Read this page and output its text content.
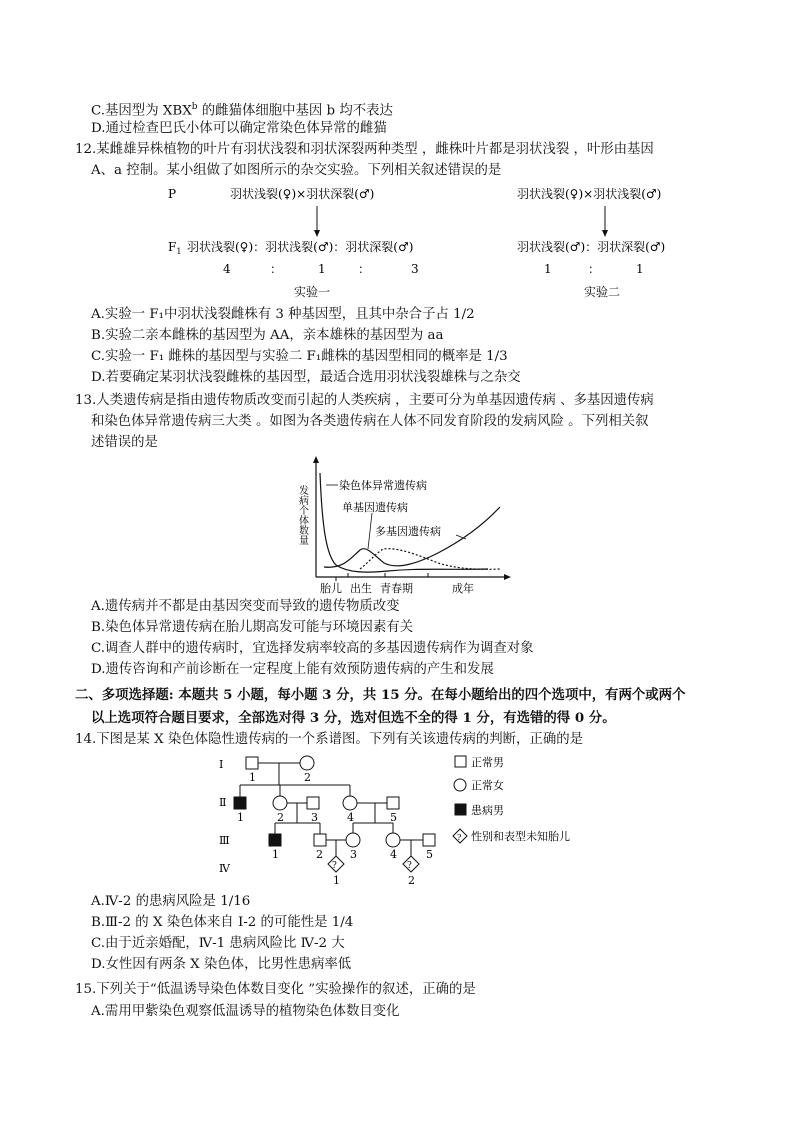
C.基因型为 XBX$^b$ 的雌猫体细胞中基因 b 均不表达
D.通过检查巴氏小体可以确定常染色体异常的雌猫
12.某雌雄异株植物的叶片有羽状浅裂和羽状深裂两种类型 ，雌株叶片都是羽状浅裂 ，叶形由基因
A、a 控制。某小组做了如图所示的杂交实验。下列相关叙述错误的是
P	羽状浅裂(♀)×羽状深裂(♂)	羽状浅裂(♀)×羽状浅裂(♂)
$F_1$ 羽状浅裂(♀)：羽状浅裂(♂)：羽状深裂(♂)	羽状浅裂(♂)：羽状深裂(♂)
4	：	1	：	3	1	：	1
实验一	实验二
A.实验一 F₁中羽状浅裂雌株有 3 种基因型，且其中杂合子占 1/2
B.实验二亲本雌株的基因型为 AA，亲本雄株的基因型为 aa
C.实验一 F₁ 雌株的基因型与实验二 F₁雌株的基因型相同的概率是 1/3
D.若要确定某羽状浅裂雌株的基因型，最适合选用羽状浅裂雄株与之杂交
13.人类遗传病是指由遗传物质改变而引起的人类疾病 ，主要可分为单基因遗传病 、多基因遗传病
和染色体异常遗传病三大类 。如图为各类遗传病在人体不同发育阶段的发病风险 。下列相关叙
述错误的是
发病个体数量	染色体异常遗传病
单基因遗传病
多基因遗传病
胎儿 出生 青春期	成年
A.遗传病并不都是由基因突变而导致的遗传物质改变
B.染色体异常遗传病在胎儿期高发可能与环境因素有关
C.调查人群中的遗传病时，宜选择发病率较高的多基因遗传病作为调查对象
D.遗传咨询和产前诊断在一定程度上能有效预防遗传病的产生和发展
二、多项选择题: 本题共 5 小题，每小题 3 分，共 15 分。在每小题给出的四个选项中，有两个或两个
以上选项符合题目要求，全部选对得 3 分，选对但选不全的得 1 分，有选错的得 0 分。
14.下图是某 X 染色体隐性遗传病的一个系谱图。下列有关该遗传病的判断，正确的是
Ⅰ
Ⅱ
Ⅲ
Ⅳ
1	2
1	2 3	4	5
1	2 3	4	5
?	?
1	2
正常男
正常女
患病男
? 性别和表型未知胎儿
A.Ⅳ-2 的患病风险是 1/16
B.Ⅲ-2 的 X 染色体来自 Ⅰ-2 的可能性是 1/4
C.由于近亲婚配，Ⅳ-1 患病风险比 Ⅳ-2 大
D.女性因有两条 X 染色体，比男性患病率低
15.下列关于“低温诱导染色体数目变化 ”实验操作的叙述，正确的是
A.需用甲紫染色观察低温诱导的植物染色体数目变化
